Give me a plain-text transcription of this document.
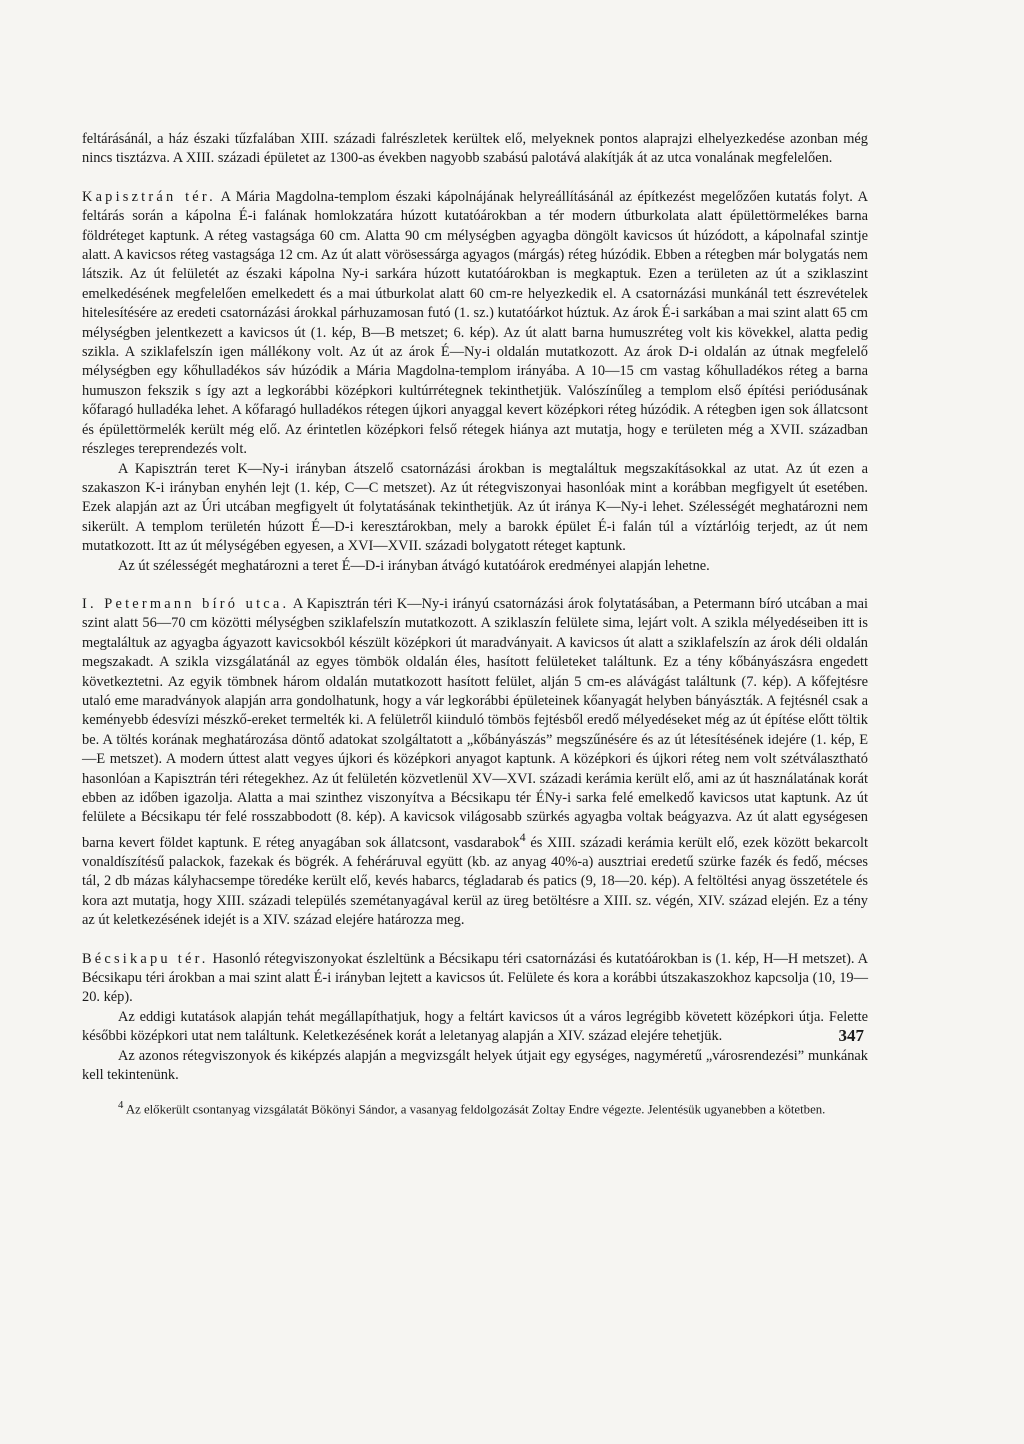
feltárásánál, a ház északi tűzfalában XIII. századi falrészletek kerültek elő, melyeknek pontos alaprajzi elhelyezkedése azonban még nincs tisztázva. A XIII. századi épületet az 1300-as években nagyobb szabású palotává alakítják át az utca vonalának megfelelően.

Kapisztrán tér. A Mária Magdolna-templom északi kápolnájának helyreállításánál az építkezést megelőzően kutatás folyt. A feltárás során a kápolna É-i falának homlokzatára húzott kutatóárokban a tér modern útburkolata alatt épülettörmelékes barna földréteget kaptunk. A réteg vastagsága 60 cm. Alatta 90 cm mélységben agyagba döngölt kavicsos út húzódott, a kápolnafal szintje alatt. A kavicsos réteg vastagsága 12 cm. Az út alatt vörösessárga agyagos (márgás) réteg húzódik. Ebben a rétegben már bolygatás nem látszik. Az út felületét az északi kápolna Ny-i sarkára húzott kutatóárokban is megkaptuk. Ezen a területen az út a sziklaszint emelkedésének megfelelően emelkedett és a mai útburkolat alatt 60 cm-re helyezkedik el. A csatornázási munkánál tett észrevételek hitelesítésére az eredeti csatornázási árokkal párhuzamosan futó (1. sz.) kutatóárkot húztuk. Az árok É-i sarkában a mai szint alatt 65 cm mélységben jelentkezett a kavicsos út (1. kép, B—B metszet; 6. kép). Az út alatt barna humuszréteg volt kis kövekkel, alatta pedig szikla. A sziklafelszín igen mállékony volt. Az út az árok É—Ny-i oldalán mutatkozott. Az árok D-i oldalán az útnak megfelelő mélységben egy kőhulladékos sáv húzódik a Mária Magdolna-templom irányába. A 10—15 cm vastag kőhulladékos réteg a barna humuszon fekszik s így azt a legkorábbi középkori kultúrrétegnek tekinthetjük. Valószínűleg a templom első építési periódusának kőfaragó hulladéka lehet. A kőfaragó hulladékos rétegen újkori anyaggal kevert középkori réteg húzódik. A rétegben igen sok állatcsont és épülettörmelék került még elő. Az érintetlen középkori felső rétegek hiánya azt mutatja, hogy e területen még a XVII. században részleges tereprendezés volt.

A Kapisztrán teret K—Ny-i irányban átszelő csatornázási árokban is megtaláltuk megszakításokkal az utat. Az út ezen a szakaszon K-i irányban enyhén lejt (1. kép, C—C metszet). Az út rétegviszonyai hasonlóak mint a korábban megfigyelt út esetében. Ezek alapján azt az Úri utcában megfigyelt út folytatásának tekinthetjük. Az út iránya K—Ny-i lehet. Szélességét meghatározni nem sikerült. A templom területén húzott É—D-i keresztárokban, mely a barokk épület É-i falán túl a víztárlóig terjedt, az út nem mutatkozott. Itt az út mélységében egyesen, a XVI—XVII. századi bolygatott réteget kaptunk.

Az út szélességét meghatározni a teret É—D-i irányban átvágó kutatóárok eredményei alapján lehetne.

I. Petermann bíró utca. A Kapisztrán téri K—Ny-i irányú csatornázási árok folytatásában, a Petermann bíró utcában a mai szint alatt 56—70 cm közötti mélységben sziklafelszín mutatkozott. A sziklaszín felülete sima, lejárt volt. A szikla mélyedéseiben itt is megtaláltuk az agyagba ágyazott kavicsokból készült középkori út maradványait. A kavicsos út alatt a sziklafelszín az árok déli oldalán megszakadt. A szikla vizsgálatánál az egyes tömbök oldalán éles, hasított felületeket találtunk. Ez a tény kőbányászásra engedett következtetni. Az egyik tömbnek három oldalán mutatkozott hasított felület, alján 5 cm-es alávágást találtunk (7. kép). A kőfejtésre utaló eme maradványok alapján arra gondolhatunk, hogy a vár legkorábbi épületeinek kőanyagát helyben bányászták. A fejtésnél csak a keményebb édesvízi mészkő-ereket termelték ki. A felületről kiinduló tömbös fejtésből eredő mélyedéseket még az út építése előtt töltik be. A töltés korának meghatározása döntő adatokat szolgáltatott a „kőbányászás” megszűnésére és az út létesítésének idejére (1. kép, E—E metszet). A modern úttest alatt vegyes újkori és középkori anyagot kaptunk. A középkori és újkori réteg nem volt szétválasztható hasonlóan a Kapisztrán téri rétegekhez. Az út felületén közvetlenül XV—XVI. századi kerámia került elő, ami az út használatának korát ebben az időben igazolja. Alatta a mai szinthez viszonyítva a Bécsikapu tér ÉNy-i sarka felé emelkedő kavicsos utat kaptunk. Az út felülete a Bécsikapu tér felé rosszabbodott (8. kép). A kavicsok világosabb szürkés agyagba voltak beágyazva. Az út alatt egységesen barna kevert földet kaptunk. E réteg anyagában sok állatcsont, vasdarabok$^4$ és XIII. századi kerámia került elő, ezek között bekarcolt vonaldíszítésű palackok, fazekak és bögrék. A fehéráruval együtt (kb. az anyag 40%-a) ausztriai eredetű szürke fazék és fedő, mécses tál, 2 db mázas kályhacsempe töredéke került elő, kevés habarcs, tégladarab és patics (9, 18—20. kép). A feltöltési anyag összetétele és kora azt mutatja, hogy XIII. századi település szemétanyagával kerül az üreg betöltésre a XIII. sz. végén, XIV. század elején. Ez a tény az út keletkezésének idejét is a XIV. század elejére határozza meg.

Bécsikapu tér. Hasonló rétegviszonyokat észleltünk a Bécsikapu téri csatornázási és kutatóárokban is (1. kép, H—H metszet). A Bécsikapu téri árokban a mai szint alatt É-i irányban lejtett a kavicsos út. Felülete és kora a korábbi útszakaszokhoz kapcsolja (10, 19—20. kép).

Az eddigi kutatások alapján tehát megállapíthatjuk, hogy a feltárt kavicsos út a város legrégibb követett középkori útja. Felette későbbi középkori utat nem találtunk. Keletkezésének korát a leletanyag alapján a XIV. század elejére tehetjük.

Az azonos rétegviszonyok és kiképzés alapján a megvizsgált helyek útjait egy egységes, nagyméretű „városrendezési” munkának kell tekintenünk.

$^4$ Az előkerült csontanyag vizsgálatát Bökönyi Sándor, a vasanyag feldolgozását Zoltay Endre végezte. Jelentésük ugyanebben a kötetben.

347
